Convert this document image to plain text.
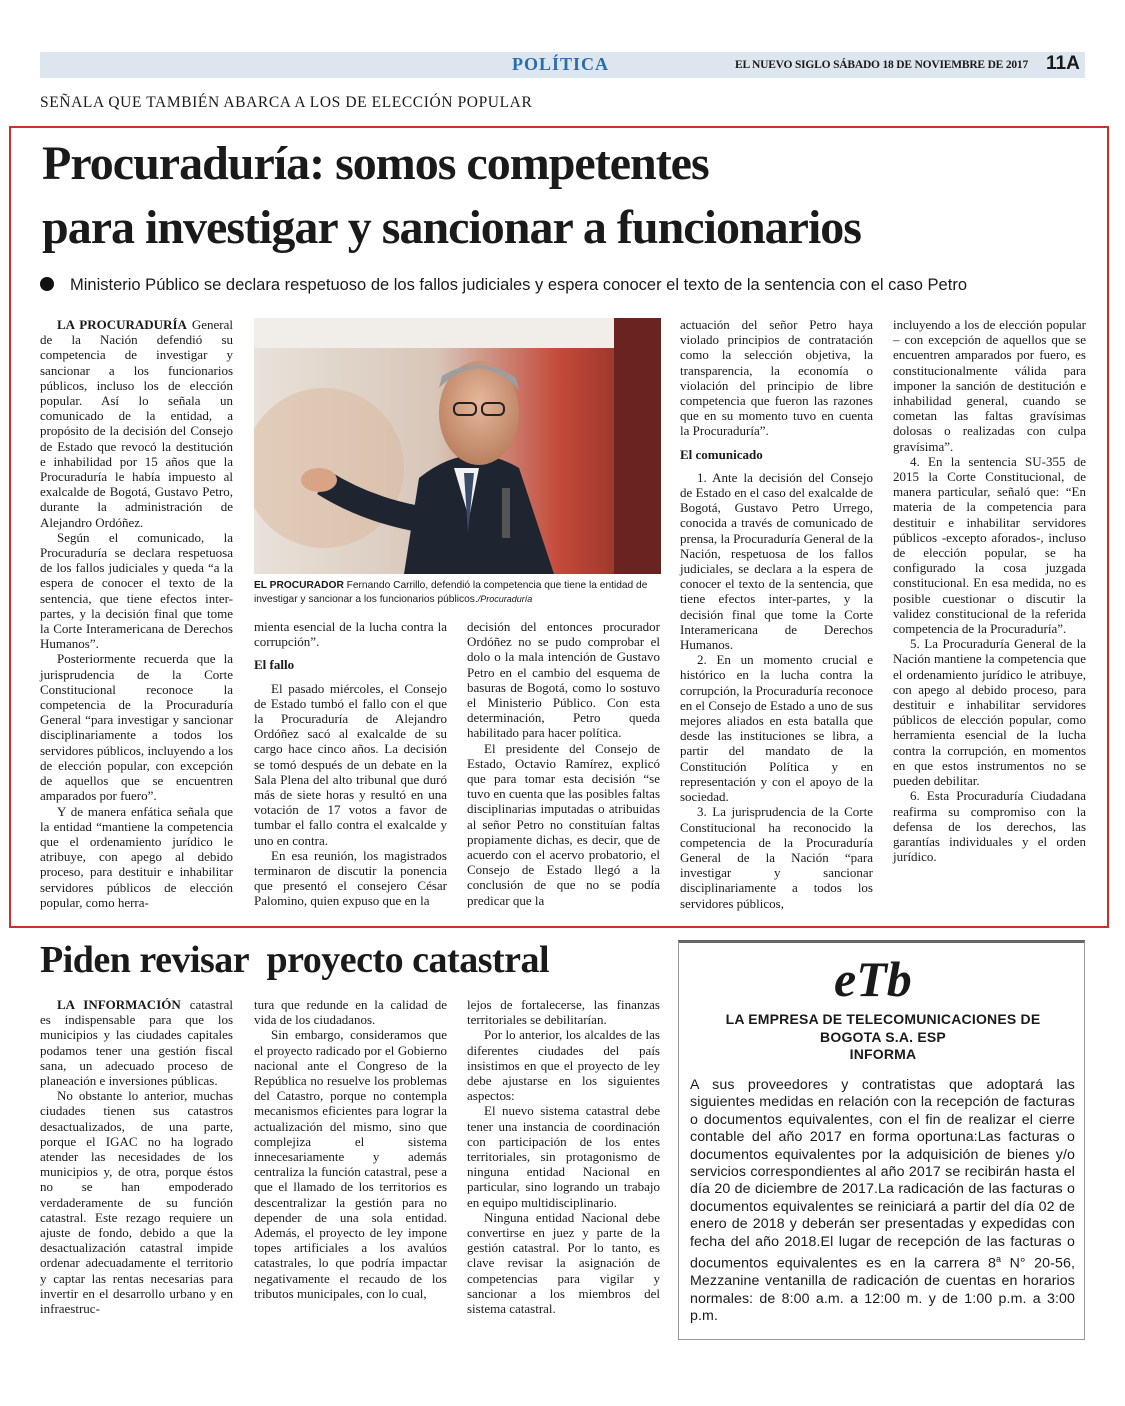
POLÍTICA	EL NUEVO SIGLO SÁBADO 18 DE NOVIEMBRE DE 2017 11A
SEÑALA QUE TAMBIÉN ABARCA A LOS DE ELECCIÓN POPULAR
Procuraduría: somos competentes
para investigar y sancionar a funcionarios
Ministerio Público se declara respetuoso de los fallos judiciales y espera conocer el texto de la sentencia con el caso Petro

LA PROCURADURÍA General de la Nación defendió su competencia de investigar y sancionar a los funcionarios públicos, incluso los de elección popular. Así lo señala un comunicado de la entidad, a propósito de la decisión del Consejo de Estado que revocó la destitución e inhabilidad por 15 años que la Procuraduría le había impuesto al exalcalde de Bogotá, Gustavo Petro, durante la administración de Alejandro Ordóñez.

Según el comunicado, la Procuraduría se declara respetuosa de los fallos judiciales y queda “a la espera de conocer el texto de la sentencia, que tiene efectos inter-partes, y la decisión final que tome la Corte Interamericana de Derechos Humanos”.

Posteriormente recuerda que la jurisprudencia de la Corte Constitucional reconoce la competencia de la Procuraduría General “para investigar y sancionar disciplinariamente a todos los servidores públicos, incluyendo a los de elección popular, con excepción de aquellos que se encuentren amparados por fuero”.

Y de manera enfática señala que la entidad “mantiene la competencia que el ordenamiento jurídico le atribuye, con apego al debido proceso, para destituir e inhabilitar servidores públicos de elección popular, como herra-

EL PROCURADOR Fernando Carrillo, defendió la competencia que tiene la entidad de investigar y sancionar a los funcionarios públicos./Procuraduría

mienta esencial de la lucha contra la corrupción”.

El fallo

El pasado miércoles, el Consejo de Estado tumbó el fallo con el que la Procuraduría de Alejandro Ordóñez sacó al exalcalde de su cargo hace cinco años. La decisión se tomó después de un debate en la Sala Plena del alto tribunal que duró más de siete horas y resultó en una votación de 17 votos a favor de tumbar el fallo contra el exalcalde y uno en contra.

En esa reunión, los magistrados terminaron de discutir la ponencia que presentó el consejero César Palomino, quien expuso que en la

decisión del entonces procurador Ordóñez no se pudo comprobar el dolo o la mala intención de Gustavo Petro en el cambio del esquema de basuras de Bogotá, como lo sostuvo el Ministerio Público. Con esta determinación, Petro queda habilitado para hacer política.

El presidente del Consejo de Estado, Octavio Ramírez, explicó que para tomar esta decisión “se tuvo en cuenta que las posibles faltas disciplinarias imputadas o atribuidas al señor Petro no constituían faltas propiamente dichas, es decir, que de acuerdo con el acervo probatorio, el Consejo de Estado llegó a la conclusión de que no se podía predicar que la

actuación del señor Petro haya violado principios de contratación como la selección objetiva, la transparencia, la economía o violación del principio de libre competencia que fueron las razones que en su momento tuvo en cuenta la Procuraduría”.

El comunicado

1. Ante la decisión del Consejo de Estado en el caso del exalcalde de Bogotá, Gustavo Petro Urrego, conocida a través de comunicado de prensa, la Procuraduría General de la Nación, respetuosa de los fallos judiciales, se declara a la espera de conocer el texto de la sentencia, que tiene efectos inter-partes, y la decisión final que tome la Corte Interamericana de Derechos Humanos.

2. En un momento crucial e histórico en la lucha contra la corrupción, la Procuraduría reconoce en el Consejo de Estado a uno de sus mejores aliados en esta batalla que desde las instituciones se libra, a partir del mandato de la Constitución Política y en representación y con el apoyo de la sociedad.

3. La jurisprudencia de la Corte Constitucional ha reconocido la competencia de la Procuraduría General de la Nación “para investigar y sancionar disciplinariamente a todos los servidores públicos,

incluyendo a los de elección popular – con excepción de aquellos que se encuentren amparados por fuero, es constitucionalmente válida para imponer la sanción de destitución e inhabilidad general, cuando se cometan las faltas gravísimas dolosas o realizadas con culpa gravísima”.

4. En la sentencia SU-355 de 2015 la Corte Constitucional, de manera particular, señaló que: “En materia de la competencia para destituir e inhabilitar servidores públicos -excepto aforados-, incluso de elección popular, se ha configurado la cosa juzgada constitucional. En esa medida, no es posible cuestionar o discutir la validez constitucional de la referida competencia de la Procuraduría”.

5. La Procuraduría General de la Nación mantiene la competencia que el ordenamiento jurídico le atribuye, con apego al debido proceso, para destituir e inhabilitar servidores públicos de elección popular, como herramienta esencial de la lucha contra la corrupción, en momentos en que estos instrumentos no se pueden debilitar.

6. Esta Procuraduría Ciudadana reafirma su compromiso con la defensa de los derechos, las garantías individuales y el orden jurídico.

Piden revisar  proyecto catastral

LA INFORMACIÓN catastral es indispensable para que los municipios y las ciudades capitales podamos tener una gestión fiscal sana, un adecuado proceso de planeación e inversiones públicas.

No obstante lo anterior, muchas ciudades tienen sus catastros desactualizados, de una parte, porque el IGAC no ha logrado atender las necesidades de los municipios y, de otra, porque éstos no se han empoderado verdaderamente de su función catastral. Este rezago requiere un ajuste de fondo, debido a que la desactualización catastral impide ordenar adecuadamente el territorio y captar las rentas necesarias para invertir en el desarrollo urbano y en infraestruc-

tura que redunde en la calidad de vida de los ciudadanos.

Sin embargo, consideramos que el proyecto radicado por el Gobierno nacional ante el Congreso de la República no resuelve los problemas del Catastro, porque no contempla mecanismos eficientes para lograr la actualización del mismo, sino que complejiza el sistema innecesariamente y además centraliza la función catastral, pese a que el llamado de los territorios es descentralizar la gestión para no depender de una sola entidad. Además, el proyecto de ley impone topes artificiales a los avalúos catastrales, lo que podría impactar negativamente el recaudo de los tributos municipales, con lo cual,

lejos de fortalecerse, las finanzas territoriales se debilitarían.

Por lo anterior, los alcaldes de las diferentes ciudades del país insistimos en que el proyecto de ley debe ajustarse en los siguientes aspectos:

El nuevo sistema catastral debe tener una instancia de coordinación con participación de los entes territoriales, sin protagonismo de ninguna entidad Nacional en particular, sino logrando un trabajo en equipo multidisciplinario.

Ninguna entidad Nacional debe convertirse en juez y parte de la gestión catastral. Por lo tanto, es clave revisar la asignación de competencias para vigilar y sancionar a los miembros del sistema catastral.

eTb
LA EMPRESA DE TELECOMUNICACIONES DE
BOGOTA S.A. ESP
INFORMA
A sus proveedores y contratistas que adoptará las siguientes medidas en relación con la recepción de facturas o documentos equivalentes, con el fin de realizar el cierre contable del año 2017 en forma oportuna:Las facturas o documentos equivalentes por la adquisición de bienes y/o servicios correspondientes al año 2017 se recibirán hasta el día 20 de diciembre de 2017.La radicación de las facturas o documentos equivalentes se reiniciará a partir del día 02 de enero de 2018 y deberán ser presentadas y expedidas con fecha del año 2018.El lugar de recepción de las facturas o documentos equivalentes es en la carrera 8$^a$ N° 20-56, Mezzanine ventanilla de radicación de cuentas en horarios normales: de 8:00 a.m. a 12:00 m. y de 1:00 p.m. a 3:00 p.m.
